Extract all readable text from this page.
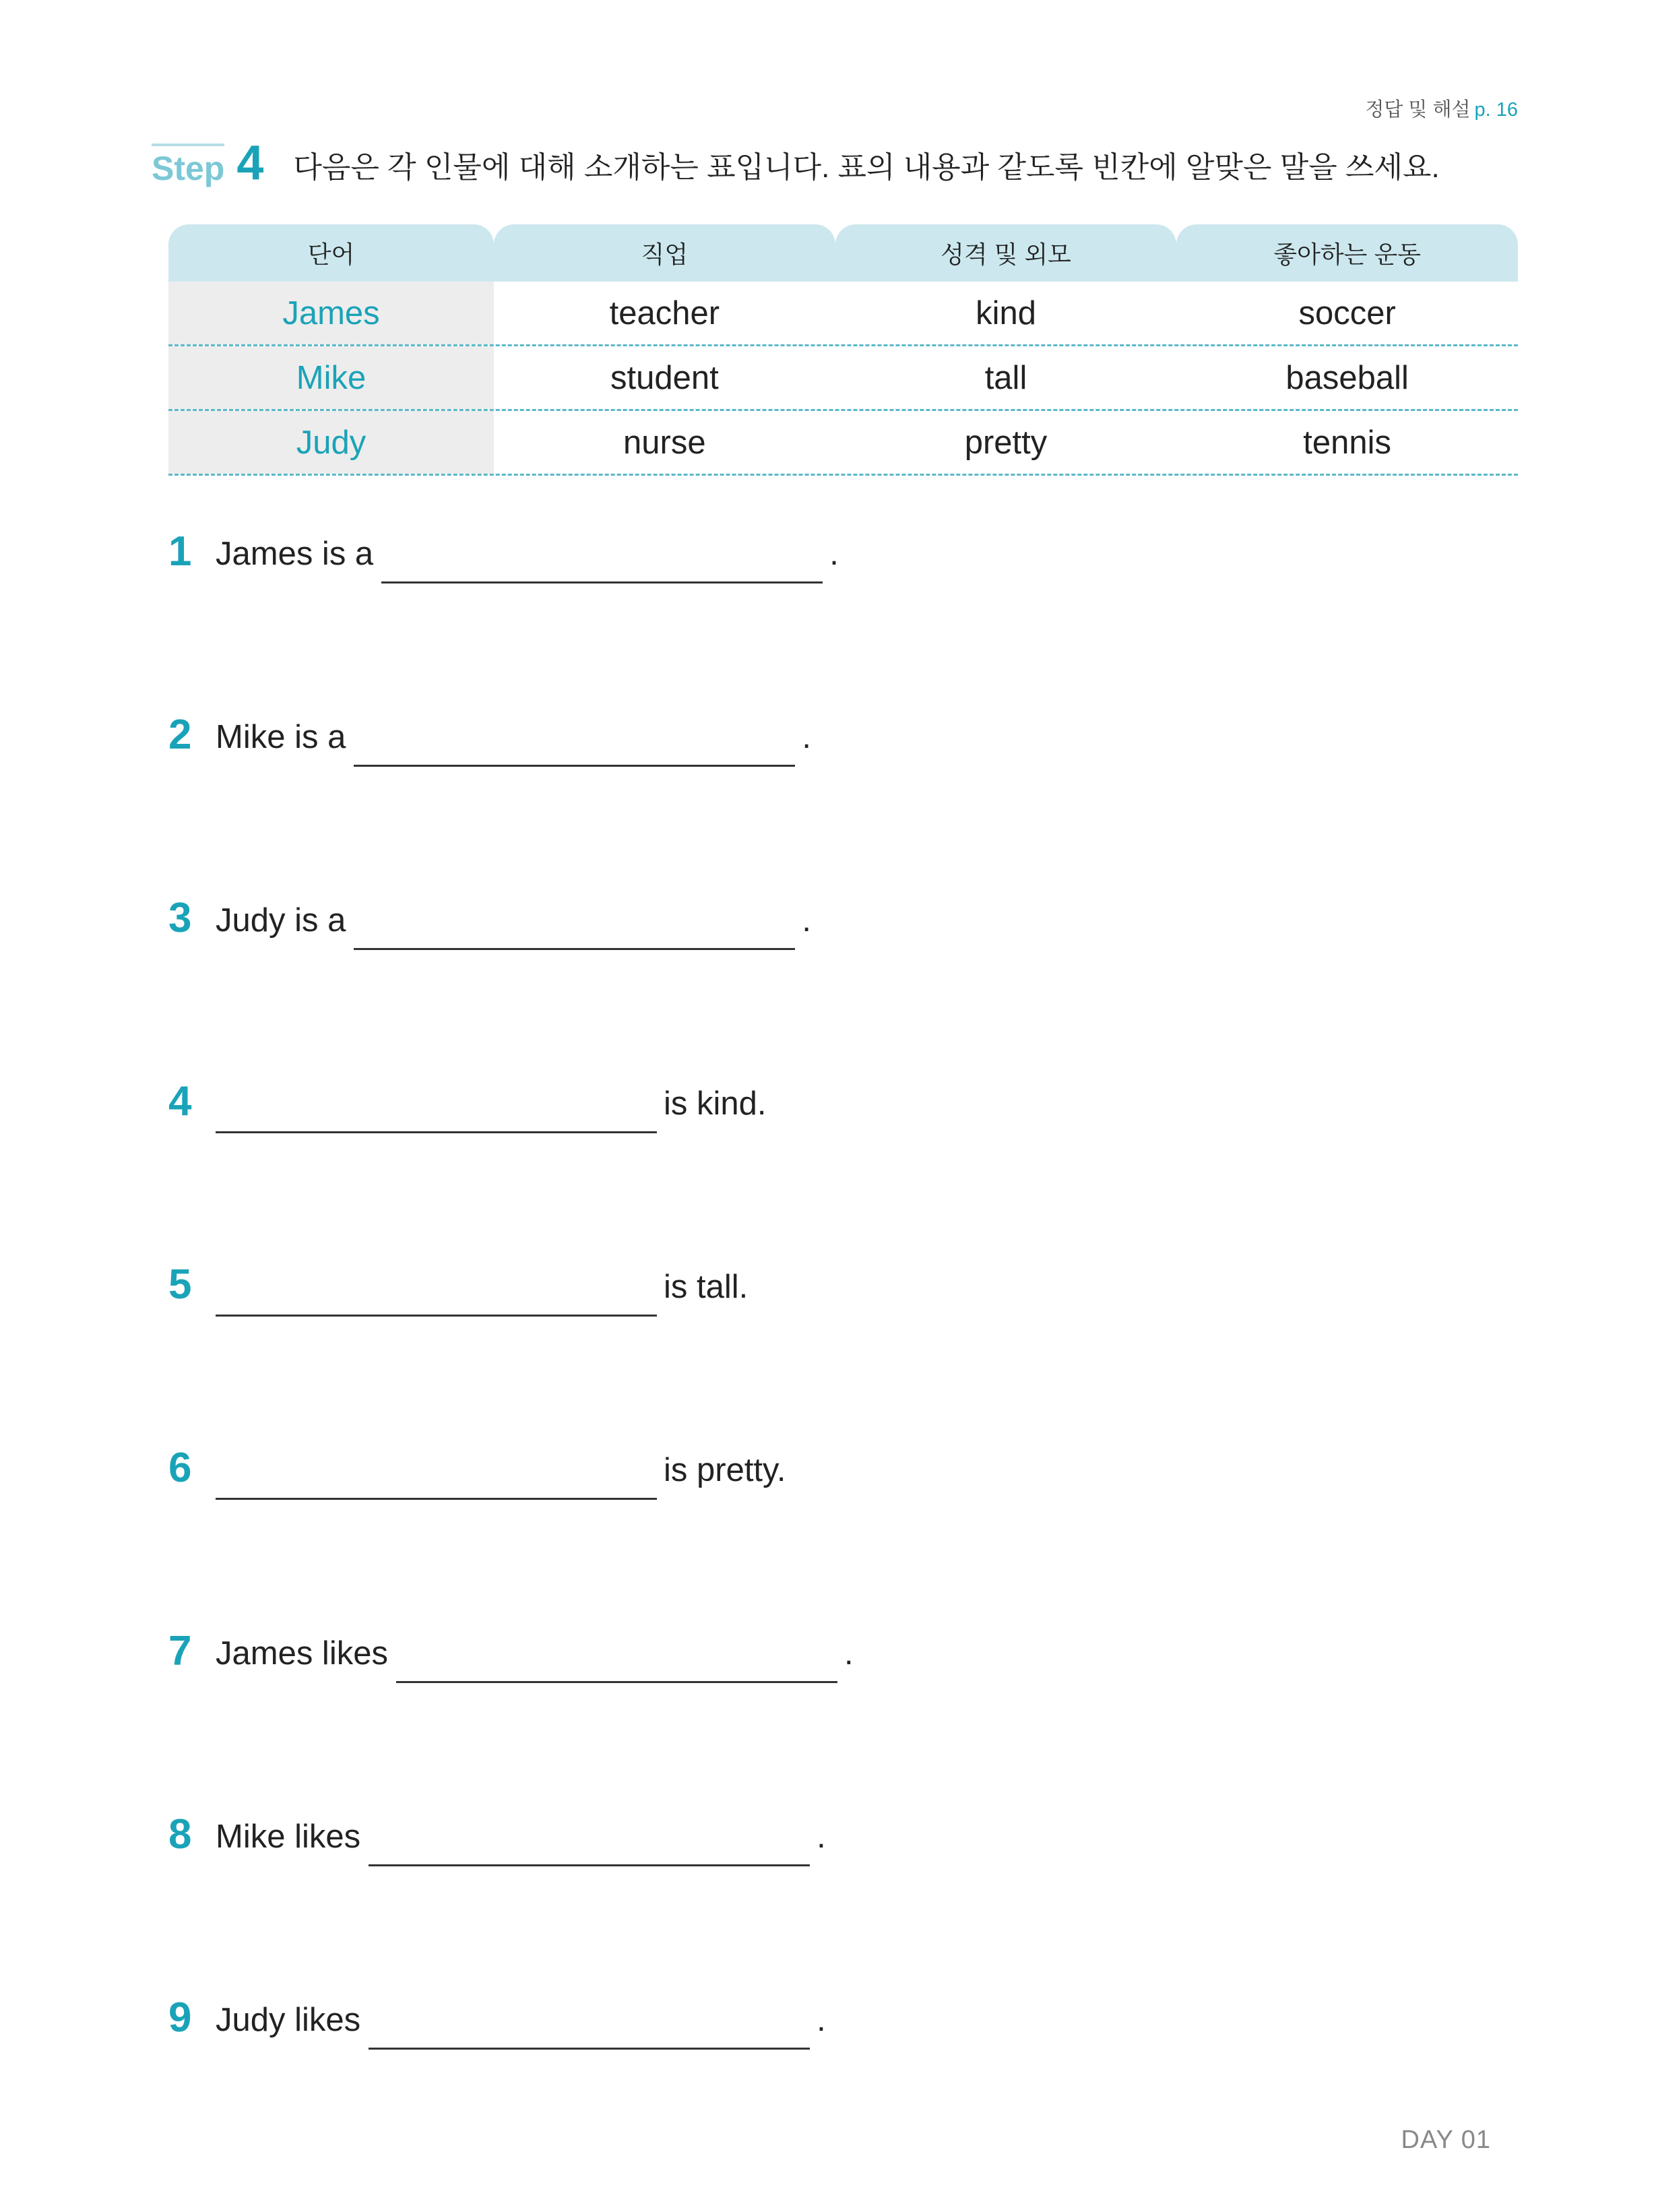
정답 및 해설 p. 16
Step 4 다음은 각 인물에 대해 소개하는 표입니다. 표의 내용과 같도록 빈칸에 알맞은 말을 쓰세요.
단어	직업	성격 및 외모	좋아하는 운동
James	teacher	kind	soccer
Mike	student	tall	baseball
Judy	nurse	pretty	tennis
1 James is a	.
2 Mike is a	.
3 Judy is a	.
4	is kind.
5	is tall.
6	is pretty.
7 James likes	.
8 Mike likes	.
9 Judy likes	.
DAY 01
